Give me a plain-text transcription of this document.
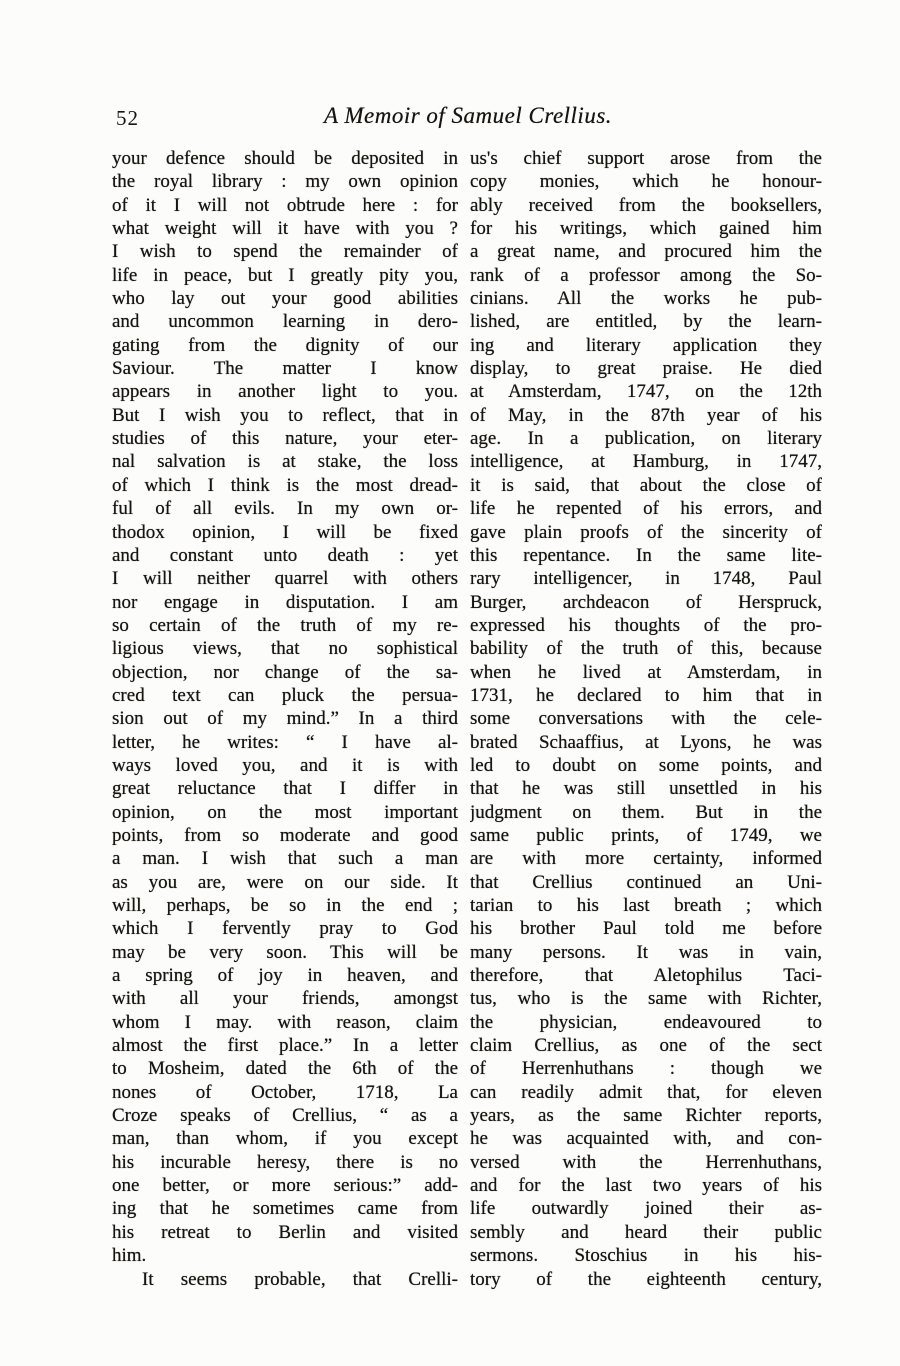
52	A Memoir of Samuel Crellius.
your defence should be deposited in
the royal library : my own opinion
of it I will not obtrude here : for
what weight will it have with you ?
I wish to spend the remainder of
life in peace, but I greatly pity you,
who lay out your good abilities
and uncommon learning in dero-
gating from the dignity of our
Saviour. The matter I know
appears in another light to you.
But I wish you to reflect, that in
studies of this nature, your eter-
nal salvation is at stake, the loss
of which I think is the most dread-
ful of all evils. In my own or-
thodox opinion, I will be fixed
and constant unto death : yet
I will neither quarrel with others
nor engage in disputation. I am
so certain of the truth of my re-
ligious views, that no sophistical
objection, nor change of the sa-
cred text can pluck the persua-
sion out of my mind.” In a third
letter, he writes: “ I have al-
ways loved you, and it is with
great reluctance that I differ in
opinion, on the most important
points, from so moderate and good
a man. I wish that such a man
as you are, were on our side. It
will, perhaps, be so in the end ;
which I fervently pray to God
may be very soon. This will be
a spring of joy in heaven, and
with all your friends, amongst
whom I may. with reason, claim
almost the first place.” In a letter
to Mosheim, dated the 6th of the
nones of October, 1718, La
Croze speaks of Crellius, “ as a
man, than whom, if you except
his incurable heresy, there is no
one better, or more serious:” add-
ing that he sometimes came from
his retreat to Berlin and visited
him.
It seems probable, that Crelli-
us's chief support arose from the
copy monies, which he honour-
ably received from the booksellers,
for his writings, which gained him
a great name, and procured him the
rank of a professor among the So-
cinians. All the works he pub-
lished, are entitled, by the learn-
ing and literary application they
display, to great praise. He died
at Amsterdam, 1747, on the 12th
of May, in the 87th year of his
age. In a publication, on literary
intelligence, at Hamburg, in 1747,
it is said, that about the close of
life he repented of his errors, and
gave plain proofs of the sincerity of
this repentance. In the same lite-
rary intelligencer, in 1748, Paul
Burger, archdeacon of Herspruck,
expressed his thoughts of the pro-
bability of the truth of this, because
when he lived at Amsterdam, in
1731, he declared to him that in
some conversations with the cele-
brated Schaaffius, at Lyons, he was
led to doubt on some points, and
that he was still unsettled in his
judgment on them. But in the
same public prints, of 1749, we
are with more certainty, informed
that Crellius continued an Uni-
tarian to his last breath ; which
his brother Paul told me before
many persons. It was in vain,
therefore, that Aletophilus Taci-
tus, who is the same with Richter,
the physician, endeavoured to
claim Crellius, as one of the sect
of Herrenhuthans : though we
can readily admit that, for eleven
years, as the same Richter reports,
he was acquainted with, and con-
versed with the Herrenhuthans,
and for the last two years of his
life outwardly joined their as-
sembly and heard their public
sermons. Stoschius in his his-
tory of the eighteenth century,
